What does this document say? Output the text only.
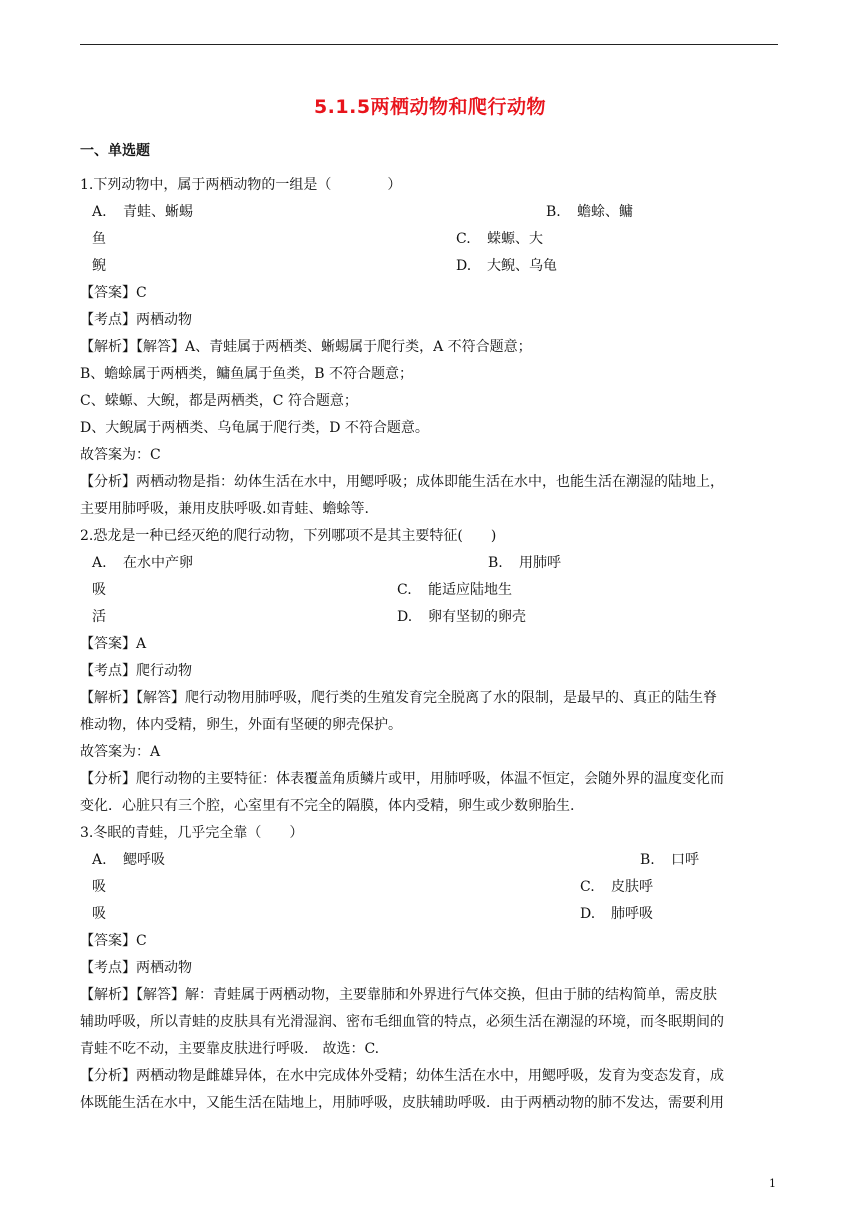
5.1.5两栖动物和爬行动物
一、单选题
1.下列动物中，属于两栖动物的一组是（　　　　）
A. 青蛙、蜥蜴	B. 蟾蜍、鳙
鱼	C. 蝾螈、大
鲵	D. 大鲵、乌龟
【答案】C
【考点】两栖动物
【解析】【解答】A、青蛙属于两栖类、蜥蜴属于爬行类，A 不符合题意；
B、蟾蜍属于两栖类，鳙鱼属于鱼类，B 不符合题意；
C、蝾螈、大鲵，都是两栖类，C 符合题意；
D、大鲵属于两栖类、乌龟属于爬行类，D 不符合题意。
故答案为：C
【分析】两栖动物是指：幼体生活在水中，用鳃呼吸；成体即能生活在水中，也能生活在潮湿的陆地上，
主要用肺呼吸，兼用皮肤呼吸.如青蛙、蟾蜍等.
2.恐龙是一种已经灭绝的爬行动物，下列哪项不是其主要特征(　　)
A. 在水中产卵	B. 用肺呼
吸	C. 能适应陆地生
活	D. 卵有坚韧的卵壳
【答案】A
【考点】爬行动物
【解析】【解答】爬行动物用肺呼吸，爬行类的生殖发育完全脱离了水的限制，是最早的、真正的陆生脊
椎动物，体内受精，卵生，外面有坚硬的卵壳保护。
故答案为：A
【分析】爬行动物的主要特征：体表覆盖角质鳞片或甲，用肺呼吸，体温不恒定，会随外界的温度变化而
变化．心脏只有三个腔，心室里有不完全的隔膜，体内受精，卵生或少数卵胎生.
3.冬眠的青蛙，几乎完全靠（　　）
A. 鳃呼吸	B. 口呼
吸	C. 皮肤呼
吸	D. 肺呼吸
【答案】C
【考点】两栖动物
【解析】【解答】解：青蛙属于两栖动物，主要靠肺和外界进行气体交换，但由于肺的结构简单，需皮肤
辅助呼吸，所以青蛙的皮肤具有光滑湿润、密布毛细血管的特点，必须生活在潮湿的环境，而冬眠期间的
青蛙不吃不动，主要靠皮肤进行呼吸.　故选：C.
【分析】两栖动物是雌雄异体，在水中完成体外受精；幼体生活在水中，用鳃呼吸，发育为变态发育，成
体既能生活在水中，又能生活在陆地上，用肺呼吸，皮肤辅助呼吸．由于两栖动物的肺不发达，需要利用
1
